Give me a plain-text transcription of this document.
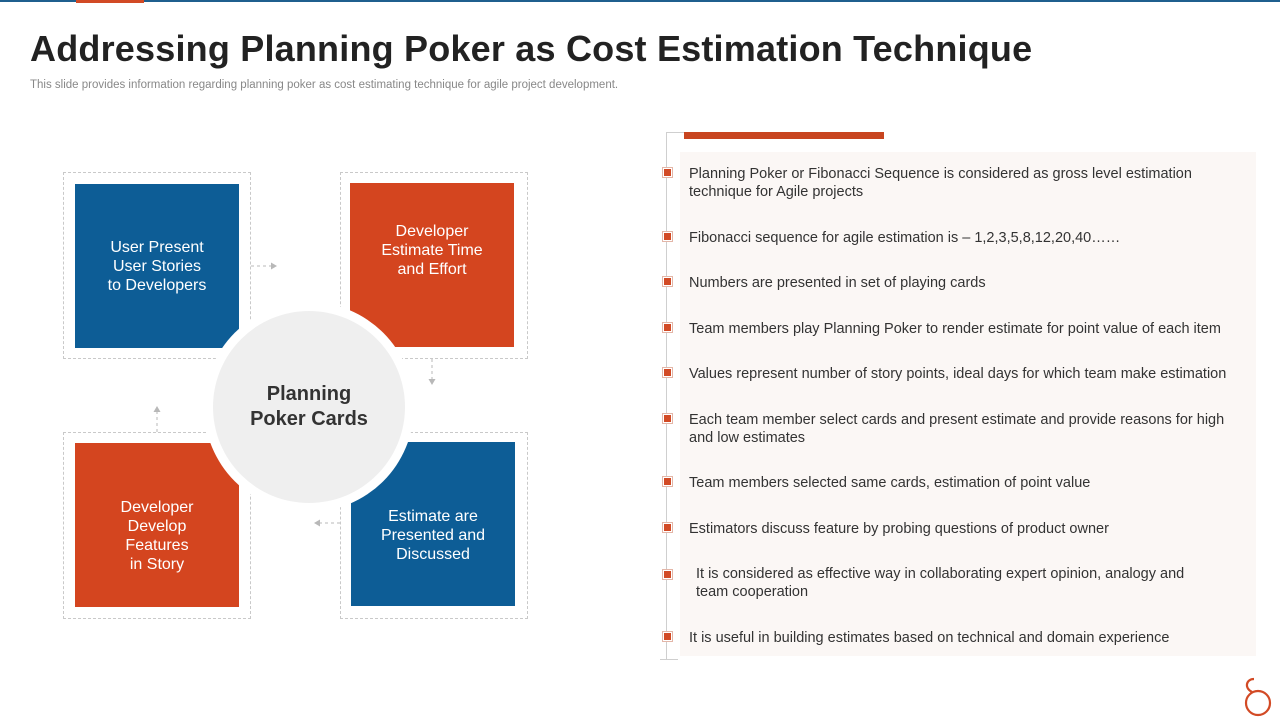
Addressing Planning Poker as Cost Estimation Technique
This slide provides information regarding planning poker as cost estimating technique for agile project development.
User Present
User Stories
to Developers
Developer
Estimate Time
and Effort
Estimate are
Presented and
Discussed
Developer
Develop
Features
in Story
Planning
Poker Cards
Planning Poker or Fibonacci Sequence is considered as gross level estimation technique for Agile projects
Fibonacci sequence for agile estimation is – 1,2,3,5,8,12,20,40……
Numbers are presented in set of playing cards
Team members play Planning Poker to render estimate for point value of each item
Values represent number of story points, ideal days for which team make estimation
Each team member select cards and present estimate and provide reasons for high and low estimates
Team members selected same cards, estimation of point value
Estimators discuss feature by probing questions of product owner
It is considered as effective way in collaborating expert opinion, analogy and team cooperation
It is useful in building estimates based on technical and domain experience
